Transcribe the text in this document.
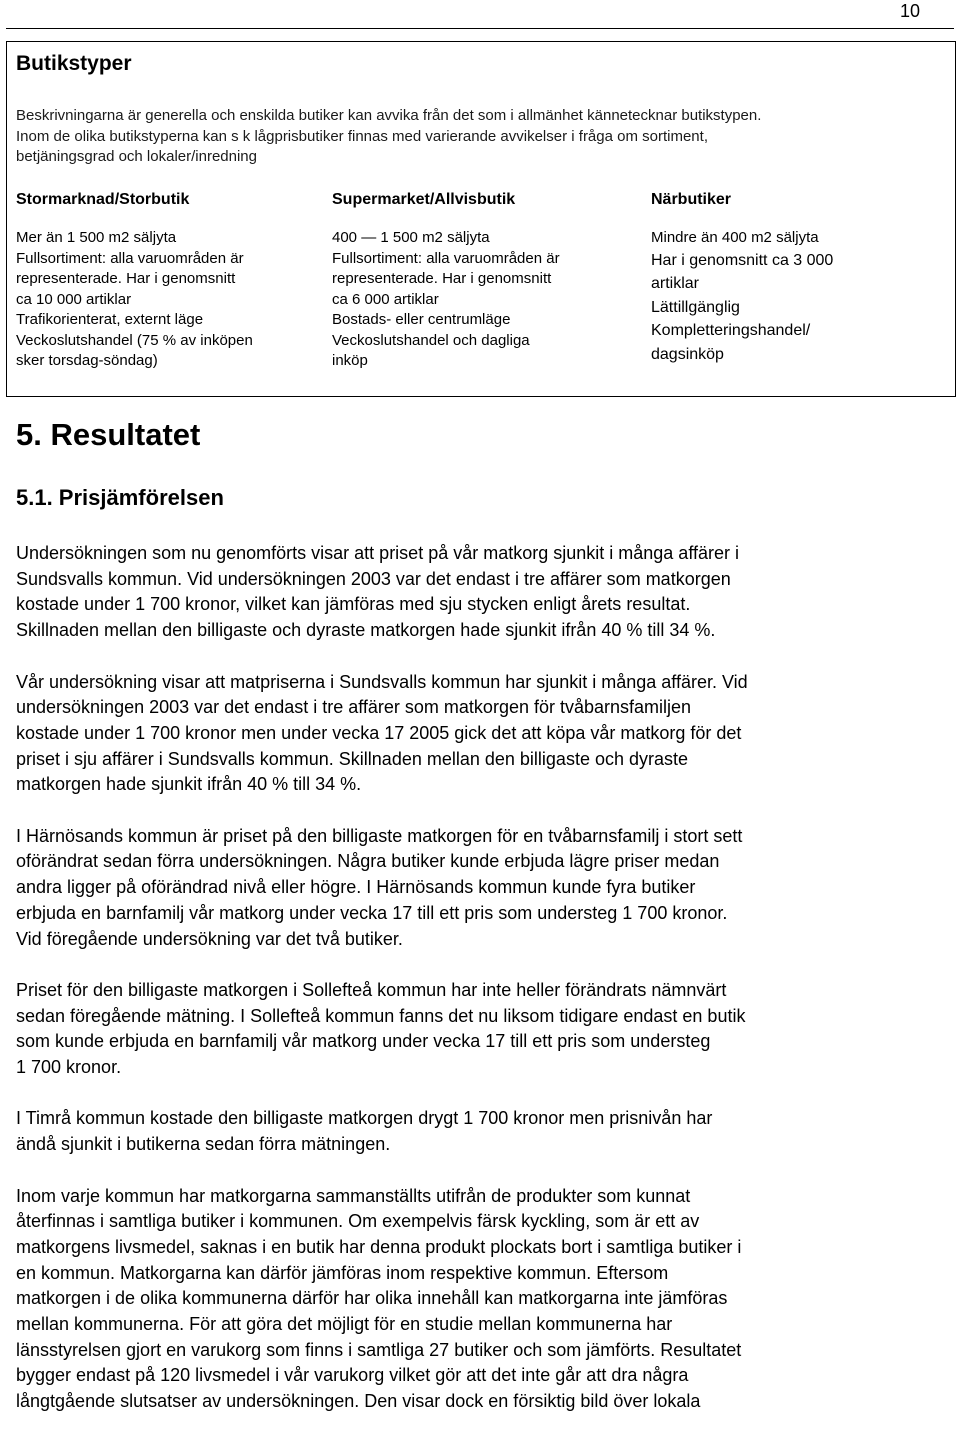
10
Butikstyper
Beskrivningarna är generella och enskilda butiker kan avvika från det som i allmänhet kännetecknar butikstypen.
Inom de olika butikstyperna kan s k lågprisbutiker finnas med varierande avvikelser i fråga om sortiment,
betjäningsgrad och lokaler/inredning
Stormarknad/Storbutik
Mer än 1 500 m2 säljyta
Fullsortiment: alla varuområden är
representerade. Har i genomsnitt
ca 10 000 artiklar
Trafikorienterat, externt läge
Veckoslutshandel (75 % av inköpen
sker torsdag-söndag)
Supermarket/Allvisbutik
400 — 1 500 m2 säljyta
Fullsortiment: alla varuområden är
representerade. Har i genomsnitt
ca 6 000 artiklar
Bostads- eller centrumläge
Veckoslutshandel och dagliga
inköp
Närbutiker
Mindre än 400 m2 säljyta
Har i genomsnitt ca 3 000
artiklar
Lättillgänglig
Kompletteringshandel/
dagsinköp
5. Resultatet
5.1. Prisjämförelsen

Undersökningen som nu genomförts visar att priset på vår matkorg sjunkit i många affärer i
Sundsvalls kommun. Vid undersökningen 2003 var det endast i tre affärer som matkorgen
kostade under 1 700 kronor, vilket kan jämföras med sju stycken enligt årets resultat.
Skillnaden mellan den billigaste och dyraste matkorgen hade sjunkit ifrån 40 % till 34 %.

Vår undersökning visar att matpriserna i Sundsvalls kommun har sjunkit i många affärer. Vid
undersökningen 2003 var det endast i tre affärer som matkorgen för tvåbarnsfamiljen
kostade under 1 700 kronor men under vecka 17 2005 gick det att köpa vår matkorg för det
priset i sju affärer i Sundsvalls kommun. Skillnaden mellan den billigaste och dyraste
matkorgen hade sjunkit ifrån 40 % till 34 %.

I Härnösands kommun är priset på den billigaste matkorgen för en tvåbarnsfamilj i stort sett
oförändrat sedan förra undersökningen. Några butiker kunde erbjuda lägre priser medan
andra ligger på oförändrad nivå eller högre. I Härnösands kommun kunde fyra butiker
erbjuda en barnfamilj vår matkorg under vecka 17 till ett pris som understeg 1 700 kronor.
Vid föregående undersökning var det två butiker.

Priset för den billigaste matkorgen i Sollefteå kommun har inte heller förändrats nämnvärt
sedan föregående mätning. I Sollefteå kommun fanns det nu liksom tidigare endast en butik
som kunde erbjuda en barnfamilj vår matkorg under vecka 17 till ett pris som understeg
1 700 kronor.

I Timrå kommun kostade den billigaste matkorgen drygt 1 700 kronor men prisnivån har
ändå sjunkit i butikerna sedan förra mätningen.

Inom varje kommun har matkorgarna sammanställts utifrån de produkter som kunnat
återfinnas i samtliga butiker i kommunen. Om exempelvis färsk kyckling, som är ett av
matkorgens livsmedel, saknas i en butik har denna produkt plockats bort i samtliga butiker i
en kommun. Matkorgarna kan därför jämföras inom respektive kommun. Eftersom
matkorgen i de olika kommunerna därför har olika innehåll kan matkorgarna inte jämföras
mellan kommunerna. För att göra det möjligt för en studie mellan kommunerna har
länsstyrelsen gjort en varukorg som finns i samtliga 27 butiker och som jämförts. Resultatet
bygger endast på 120 livsmedel i vår varukorg vilket gör att det inte går att dra några
långtgående slutsatser av undersökningen. Den visar dock en försiktig bild över lokala
